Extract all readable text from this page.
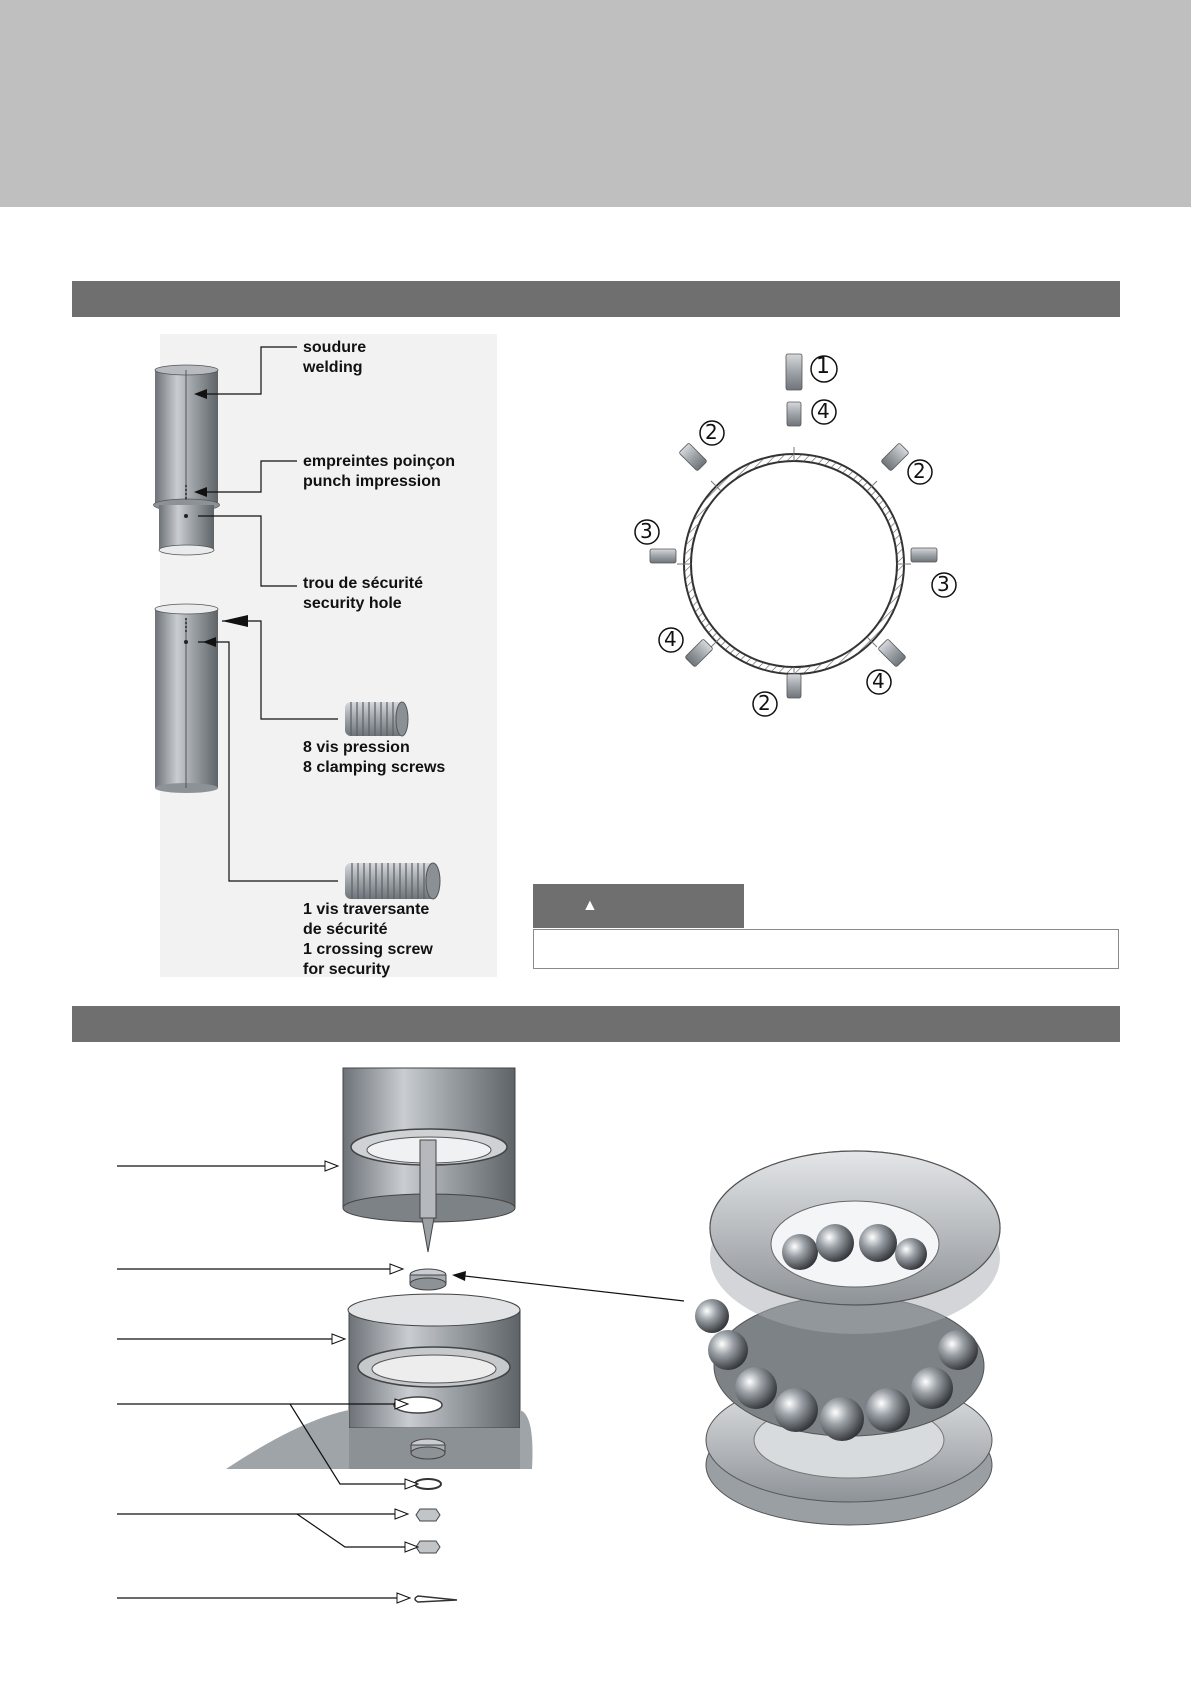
soudure
welding
empreintes poinçon
punch impression
trou de sécurité
security hole
8 vis pression
8 clamping screws
1 vis traversante
de sécurité
1 crossing screw
for security
1
4
2
2
3
3
4
4
2
▲
